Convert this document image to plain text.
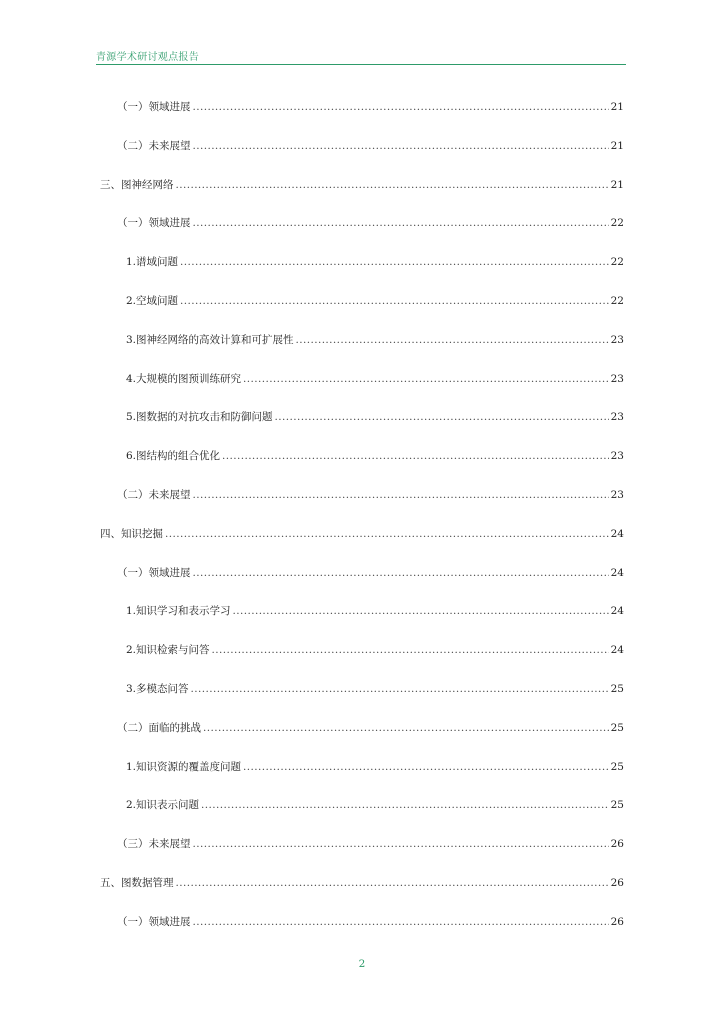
青源学术研讨观点报告
（一）领域进展 .....	21
（二）未来展望 .....	21
三、图神经网络 .....	21
（一）领域进展 .....	22
1.谱域问题 .....	22
2.空域问题 .....	22
3.图神经网络的高效计算和可扩展性 .....	23
4.大规模的图预训练研究 .....	23
5.图数据的对抗攻击和防御问题 .....	23
6.图结构的组合优化 .....	23
（二）未来展望 .....	23
四、知识挖掘 .....	24
（一）领域进展 .....	24
1.知识学习和表示学习 .....	24
2.知识检索与问答 .....	24
3.多模态问答 .....	25
（二）面临的挑战 .....	25
1.知识资源的覆盖度问题 .....	25
2.知识表示问题 .....	25
（三）未来展望 .....	26
五、图数据管理 .....	26
（一）领域进展 .....	26
2
